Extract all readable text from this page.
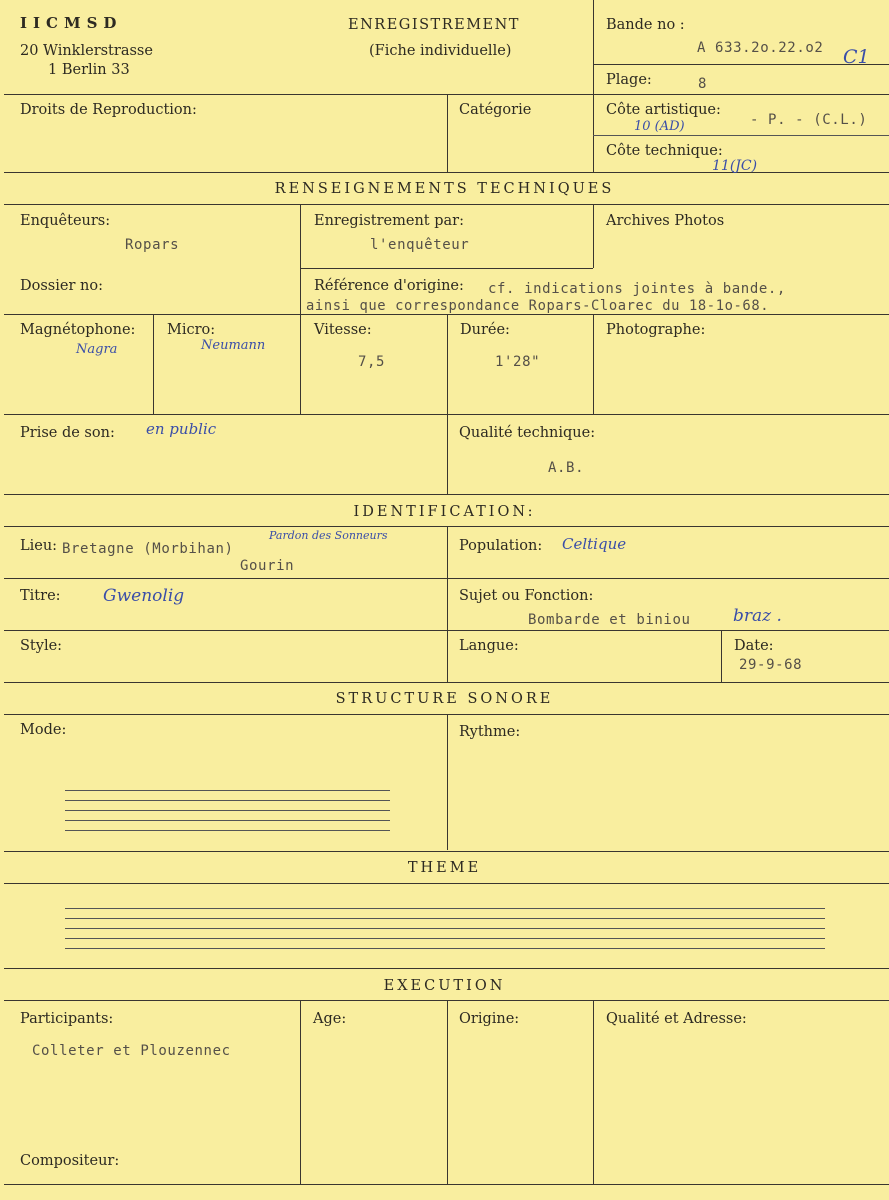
IICMSD
20 Winklerstrasse
1 Berlin 33
ENREGISTREMENT
(Fiche individuelle)
Bande no :
A 633.2o.22.o2 C1
Plage:	8
Droits de Reproduction:	Catégorie	Côte artistique:
10 (AD)	- P. - (C.L.)
Côte technique:
11(JC)
RENSEIGNEMENTS TECHNIQUES
Enquêteurs:
Ropars
Enregistrement par:
l'enquêteur
Archives Photos
Dossier no:	Référence d'origine: cf. indications jointes à bande.,
ainsi que correspondance Ropars-Cloarec du 18-1o-68.
Magnétophone:
Nagra
Micro:
Neumann
Vitesse:
7,5
Durée:
1'28"
Photographe:
Prise de son: en public	Qualité technique:
A.B.
IDENTIFICATION:
Lieu: Bretagne (Morbihan)
Pardon des Sonneurs
Gourin
Population: Celtique
Titre: Gwenolig	Sujet ou Fonction:
Bombarde et biniou braz .
Style:	Langue:	Date:
29-9-68
STRUCTURE SONORE
Mode:	Rythme:
THEME
EXECUTION
Participants:
Colleter et Plouzennec
Age:	Origine:	Qualité et Adresse:
Compositeur:
